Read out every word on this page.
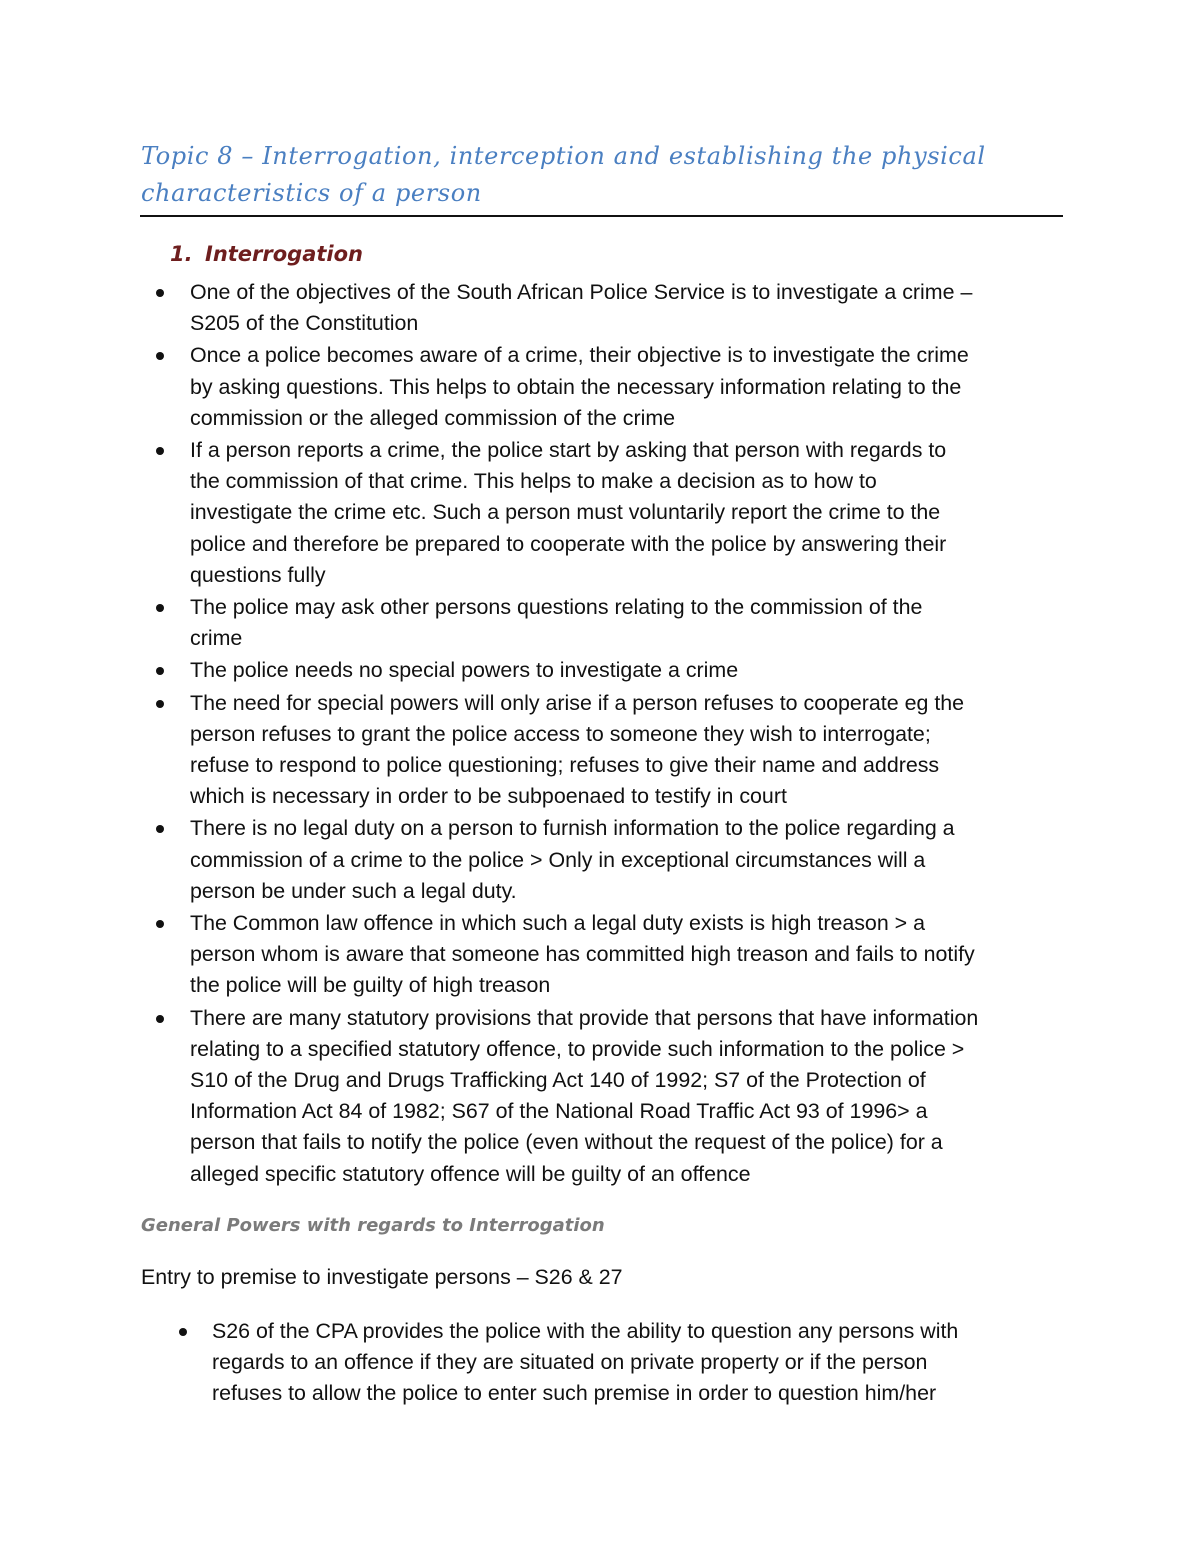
Topic 8 – Interrogation, interception and establishing the physical
characteristics of a person
1. Interrogation
One of the objectives of the South African Police Service is to investigate a crime –
S205 of the Constitution
Once a police becomes aware of a crime, their objective is to investigate the crime
by asking questions. This helps to obtain the necessary information relating to the
commission or the alleged commission of the crime
If a person reports a crime, the police start by asking that person with regards to
the commission of that crime. This helps to make a decision as to how to
investigate the crime etc. Such a person must voluntarily report the crime to the
police and therefore be prepared to cooperate with the police by answering their
questions fully
The police may ask other persons questions relating to the commission of the
crime
The police needs no special powers to investigate a crime
The need for special powers will only arise if a person refuses to cooperate eg the
person refuses to grant the police access to someone they wish to interrogate;
refuse to respond to police questioning; refuses to give their name and address
which is necessary in order to be subpoenaed to testify in court
There is no legal duty on a person to furnish information to the police regarding a
commission of a crime to the police > Only in exceptional circumstances will a
person be under such a legal duty.
The Common law offence in which such a legal duty exists is high treason > a
person whom is aware that someone has committed high treason and fails to notify
the police will be guilty of high treason
There are many statutory provisions that provide that persons that have information
relating to a specified statutory offence, to provide such information to the police >
S10 of the Drug and Drugs Trafficking Act 140 of 1992; S7 of the Protection of
Information Act 84 of 1982; S67 of the National Road Traffic Act 93 of 1996> a
person that fails to notify the police (even without the request of the police) for a
alleged specific statutory offence will be guilty of an offence
General Powers with regards to Interrogation
Entry to premise to investigate persons – S26 & 27
S26 of the CPA provides the police with the ability to question any persons with
regards to an offence if they are situated on private property or if the person
refuses to allow the police to enter such premise in order to question him/her
